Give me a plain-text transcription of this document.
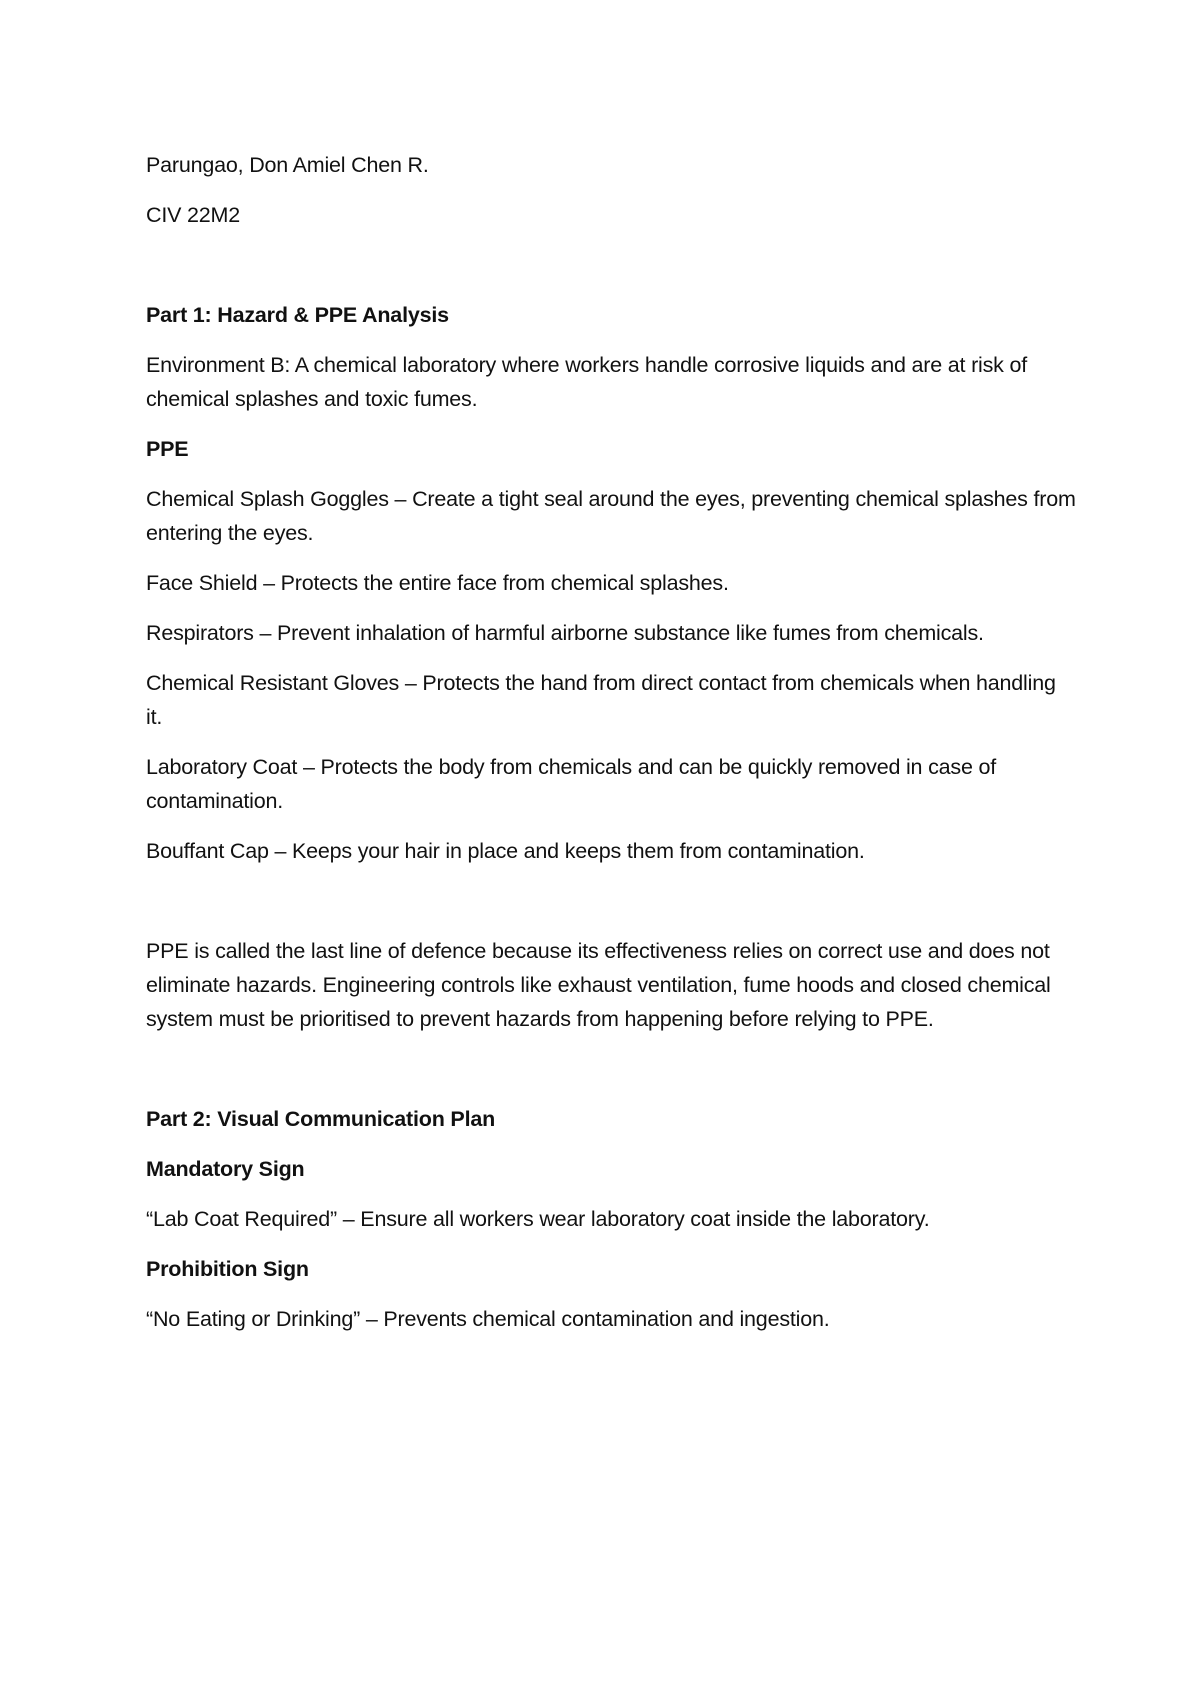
Parungao, Don Amiel Chen R.

CIV 22M2

Part 1: Hazard & PPE Analysis

Environment B: A chemical laboratory where workers handle corrosive liquids and are at risk of chemical splashes and toxic fumes.

PPE

Chemical Splash Goggles – Create a tight seal around the eyes, preventing chemical splashes from entering the eyes.

Face Shield – Protects the entire face from chemical splashes.

Respirators – Prevent inhalation of harmful airborne substance like fumes from chemicals.

Chemical Resistant Gloves – Protects the hand from direct contact from chemicals when handling it.

Laboratory Coat – Protects the body from chemicals and can be quickly removed in case of contamination.

Bouffant Cap – Keeps your hair in place and keeps them from contamination.

PPE is called the last line of defence because its effectiveness relies on correct use and does not eliminate hazards. Engineering controls like exhaust ventilation, fume hoods and closed chemical system must be prioritised to prevent hazards from happening before relying to PPE.

Part 2: Visual Communication Plan

Mandatory Sign

“Lab Coat Required” – Ensure all workers wear laboratory coat inside the laboratory.

Prohibition Sign

“No Eating or Drinking” – Prevents chemical contamination and ingestion.
